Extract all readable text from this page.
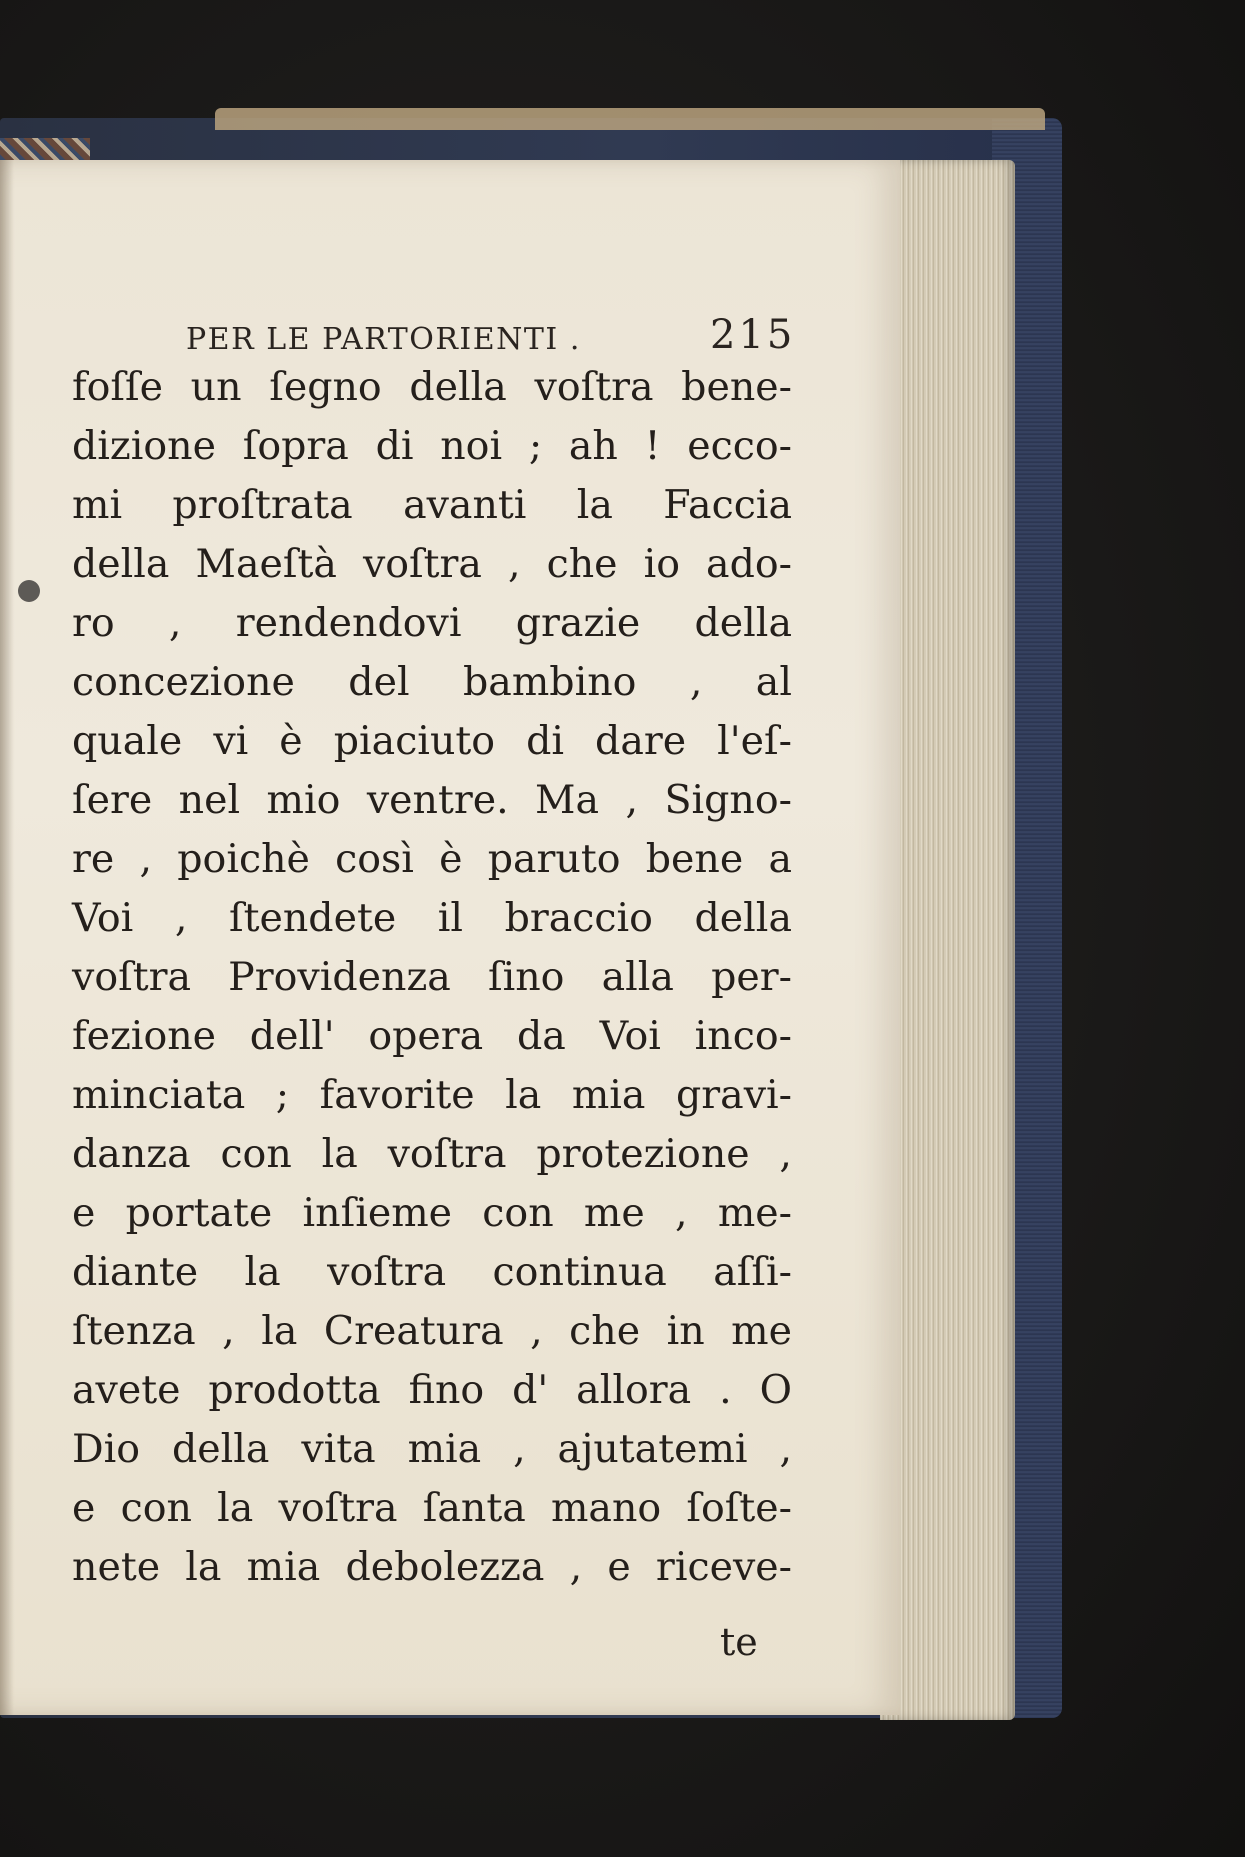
PER LE PARTORIENTI .	215
foſſe un ſegno della voſtra bene-
dizione ſopra di noi ; ah ! ecco-
mi proſtrata avanti la Faccia
della Maeſtà voſtra , che io ado-
ro , rendendovi grazie della
concezione del bambino , al
quale vi è piaciuto di dare l'eſ-
ſere nel mio ventre. Ma , Signo-
re , poichè così è paruto bene a
Voi , ſtendete il braccio della
voſtra Providenza ſino alla per-
fezione dell' opera da Voi inco-
minciata ; favorite la mia gravi-
danza con la voſtra protezione ,
e portate inſieme con me , me-
diante la voſtra continua aſſi-
ſtenza , la Creatura , che in me
avete prodotta fino d' allora . O
Dio della vita mia , ajutatemi ,
e con la voſtra ſanta mano ſoſte-
nete la mia debolezza , e riceve-
te
